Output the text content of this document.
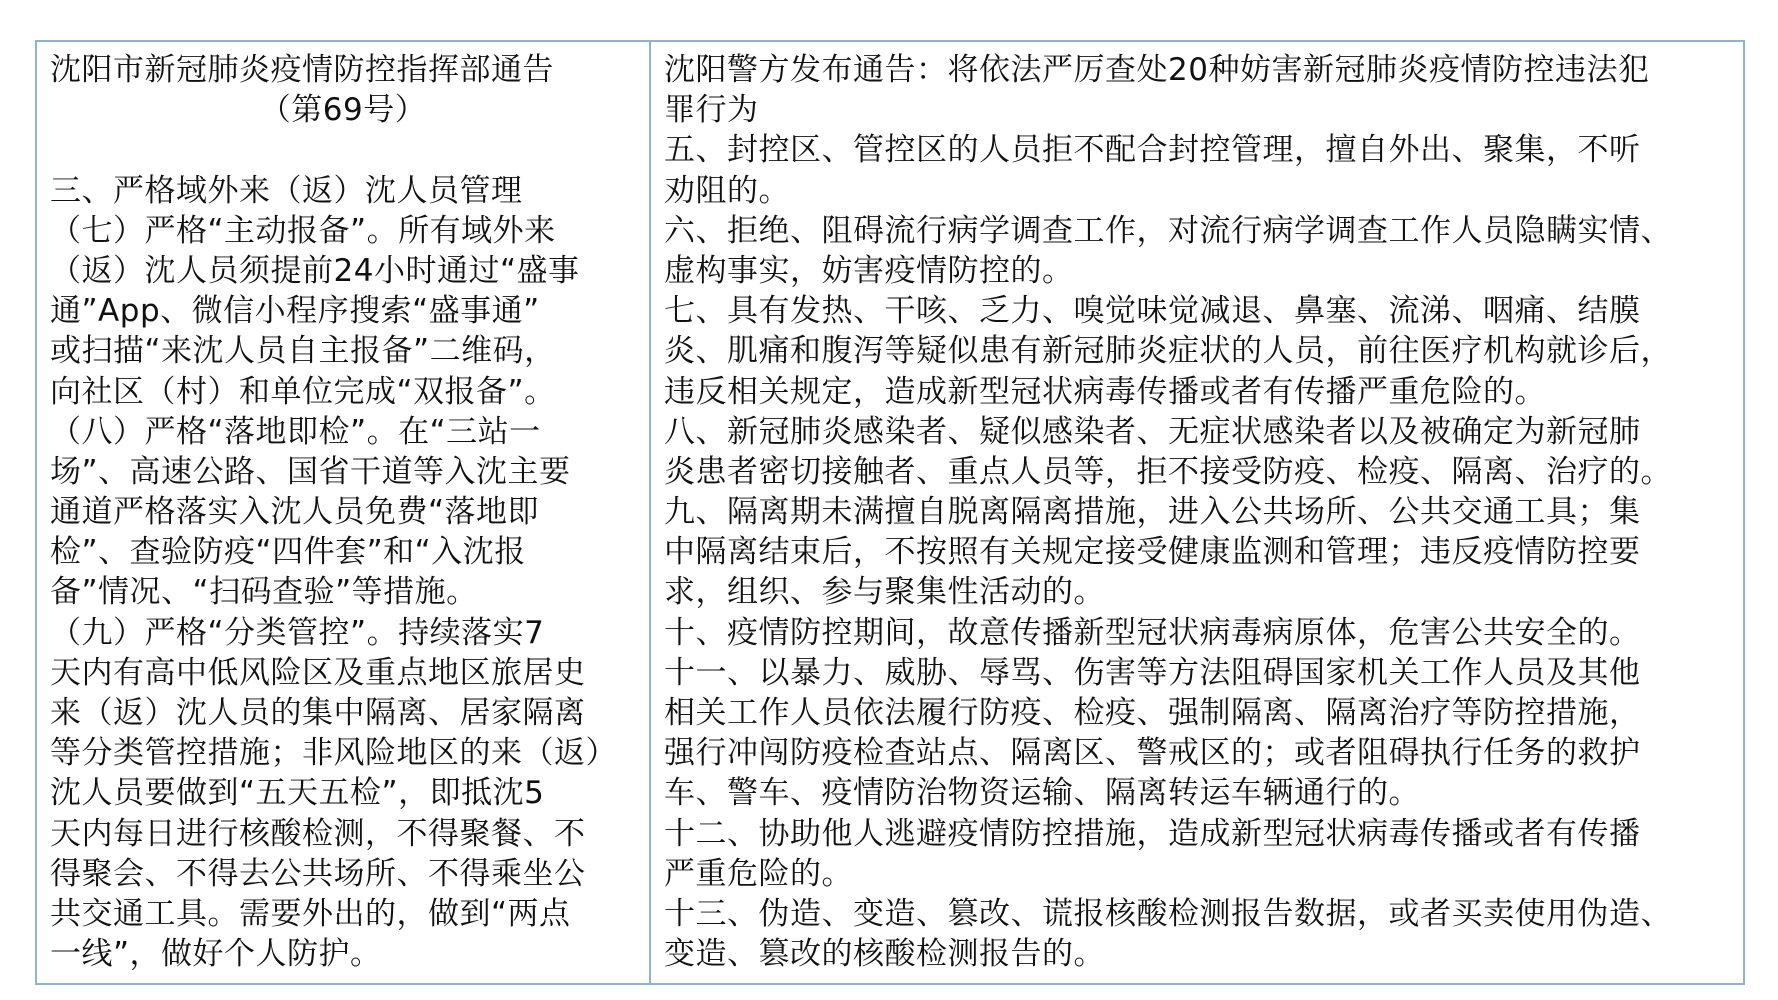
沈阳市新冠肺炎疫情防控指挥部通告
（第69号）
三、严格域外来（返）沈人员管理
（七）严格“主动报备”。所有域外来
（返）沈人员须提前24小时通过“盛事
通”App、微信小程序搜索“盛事通”
或扫描“来沈人员自主报备”二维码，
向社区（村）和单位完成“双报备”。
（八）严格“落地即检”。在“三站一
场”、高速公路、国省干道等入沈主要
通道严格落实入沈人员免费“落地即
检”、查验防疫“四件套”和“入沈报
备”情况、“扫码查验”等措施。
（九）严格“分类管控”。持续落实7
天内有高中低风险区及重点地区旅居史
来（返）沈人员的集中隔离、居家隔离
等分类管控措施；非风险地区的来（返）
沈人员要做到“五天五检”，即抵沈5
天内每日进行核酸检测，不得聚餐、不
得聚会、不得去公共场所、不得乘坐公
共交通工具。需要外出的，做到“两点
一线”，做好个人防护。
沈阳警方发布通告：将依法严厉查处20种妨害新冠肺炎疫情防控违法犯
罪行为
五、封控区、管控区的人员拒不配合封控管理，擅自外出、聚集，不听
劝阻的。
六、拒绝、阻碍流行病学调查工作，对流行病学调查工作人员隐瞒实情、
虚构事实，妨害疫情防控的。
七、具有发热、干咳、乏力、嗅觉味觉减退、鼻塞、流涕、咽痛、结膜
炎、肌痛和腹泻等疑似患有新冠肺炎症状的人员，前往医疗机构就诊后，
违反相关规定，造成新型冠状病毒传播或者有传播严重危险的。
八、新冠肺炎感染者、疑似感染者、无症状感染者以及被确定为新冠肺
炎患者密切接触者、重点人员等，拒不接受防疫、检疫、隔离、治疗的。
九、隔离期未满擅自脱离隔离措施，进入公共场所、公共交通工具；集
中隔离结束后，不按照有关规定接受健康监测和管理；违反疫情防控要
求，组织、参与聚集性活动的。
十、疫情防控期间，故意传播新型冠状病毒病原体，危害公共安全的。
十一、以暴力、威胁、辱骂、伤害等方法阻碍国家机关工作人员及其他
相关工作人员依法履行防疫、检疫、强制隔离、隔离治疗等防控措施，
强行冲闯防疫检查站点、隔离区、警戒区的；或者阻碍执行任务的救护
车、警车、疫情防治物资运输、隔离转运车辆通行的。
十二、协助他人逃避疫情防控措施，造成新型冠状病毒传播或者有传播
严重危险的。
十三、伪造、变造、篡改、谎报核酸检测报告数据，或者买卖使用伪造、
变造、篡改的核酸检测报告的。
